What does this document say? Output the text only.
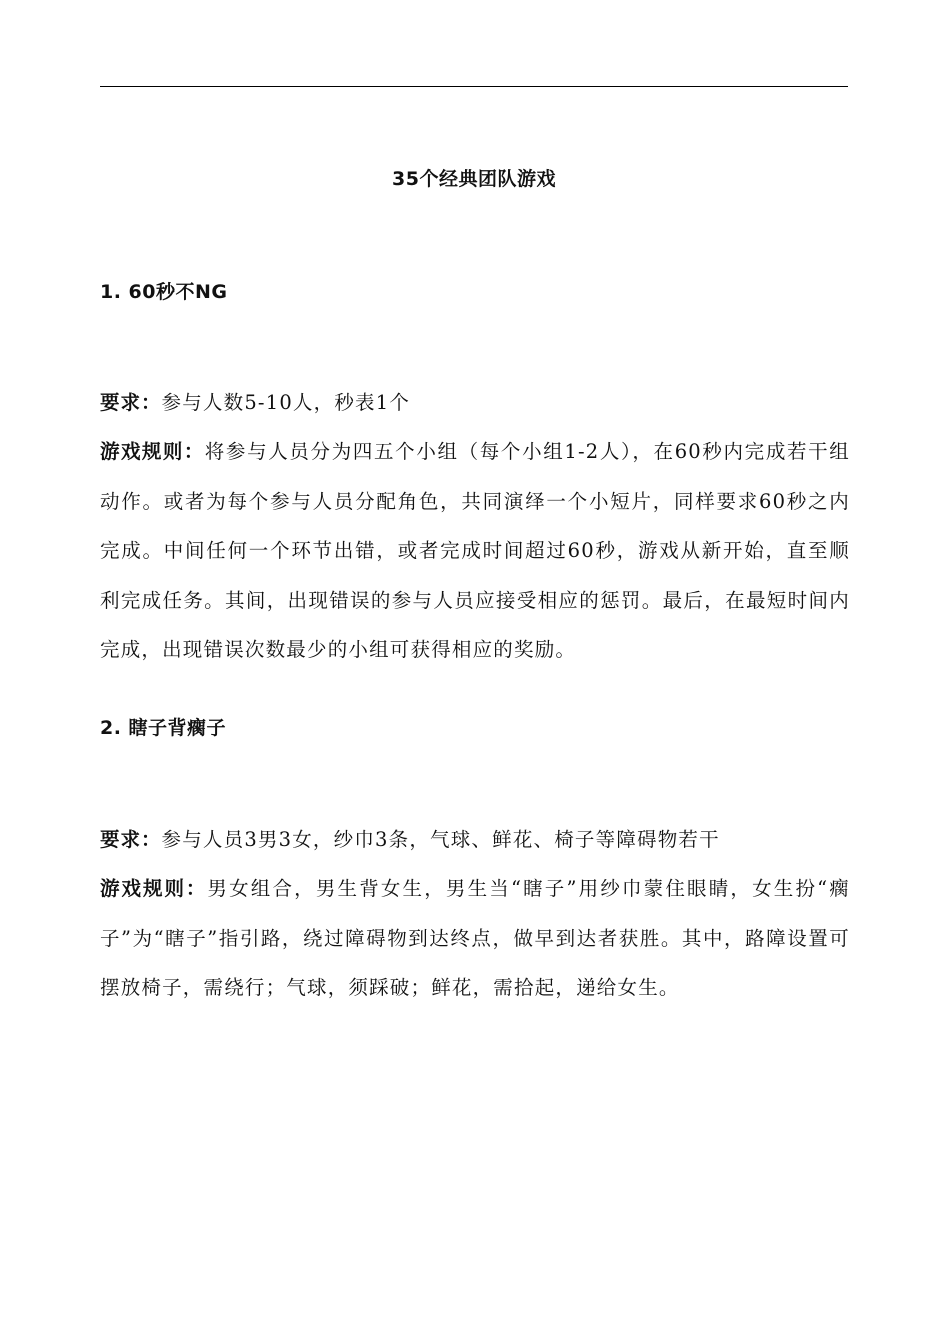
35个经典团队游戏
1. 60秒不NG

要求：参与人数5-10人，秒表1个

游戏规则：将参与人员分为四五个小组（每个小组1-2人），在60秒内完成若干组动作。或者为每个参与人员分配角色，共同演绎一个小短片，同样要求60秒之内完成。中间任何一个环节出错，或者完成时间超过60秒，游戏从新开始，直至顺利完成任务。其间，出现错误的参与人员应接受相应的惩罚。最后，在最短时间内完成，出现错误次数最少的小组可获得相应的奖励。

2. 瞎子背瘸子

要求：参与人员3男3女，纱巾3条，气球、鲜花、椅子等障碍物若干

游戏规则：男女组合，男生背女生，男生当“瞎子”用纱巾蒙住眼睛，女生扮“瘸子”为“瞎子”指引路，绕过障碍物到达终点，做早到达者获胜。其中，路障设置可摆放椅子，需绕行；气球，须踩破；鲜花，需拾起，递给女生。
